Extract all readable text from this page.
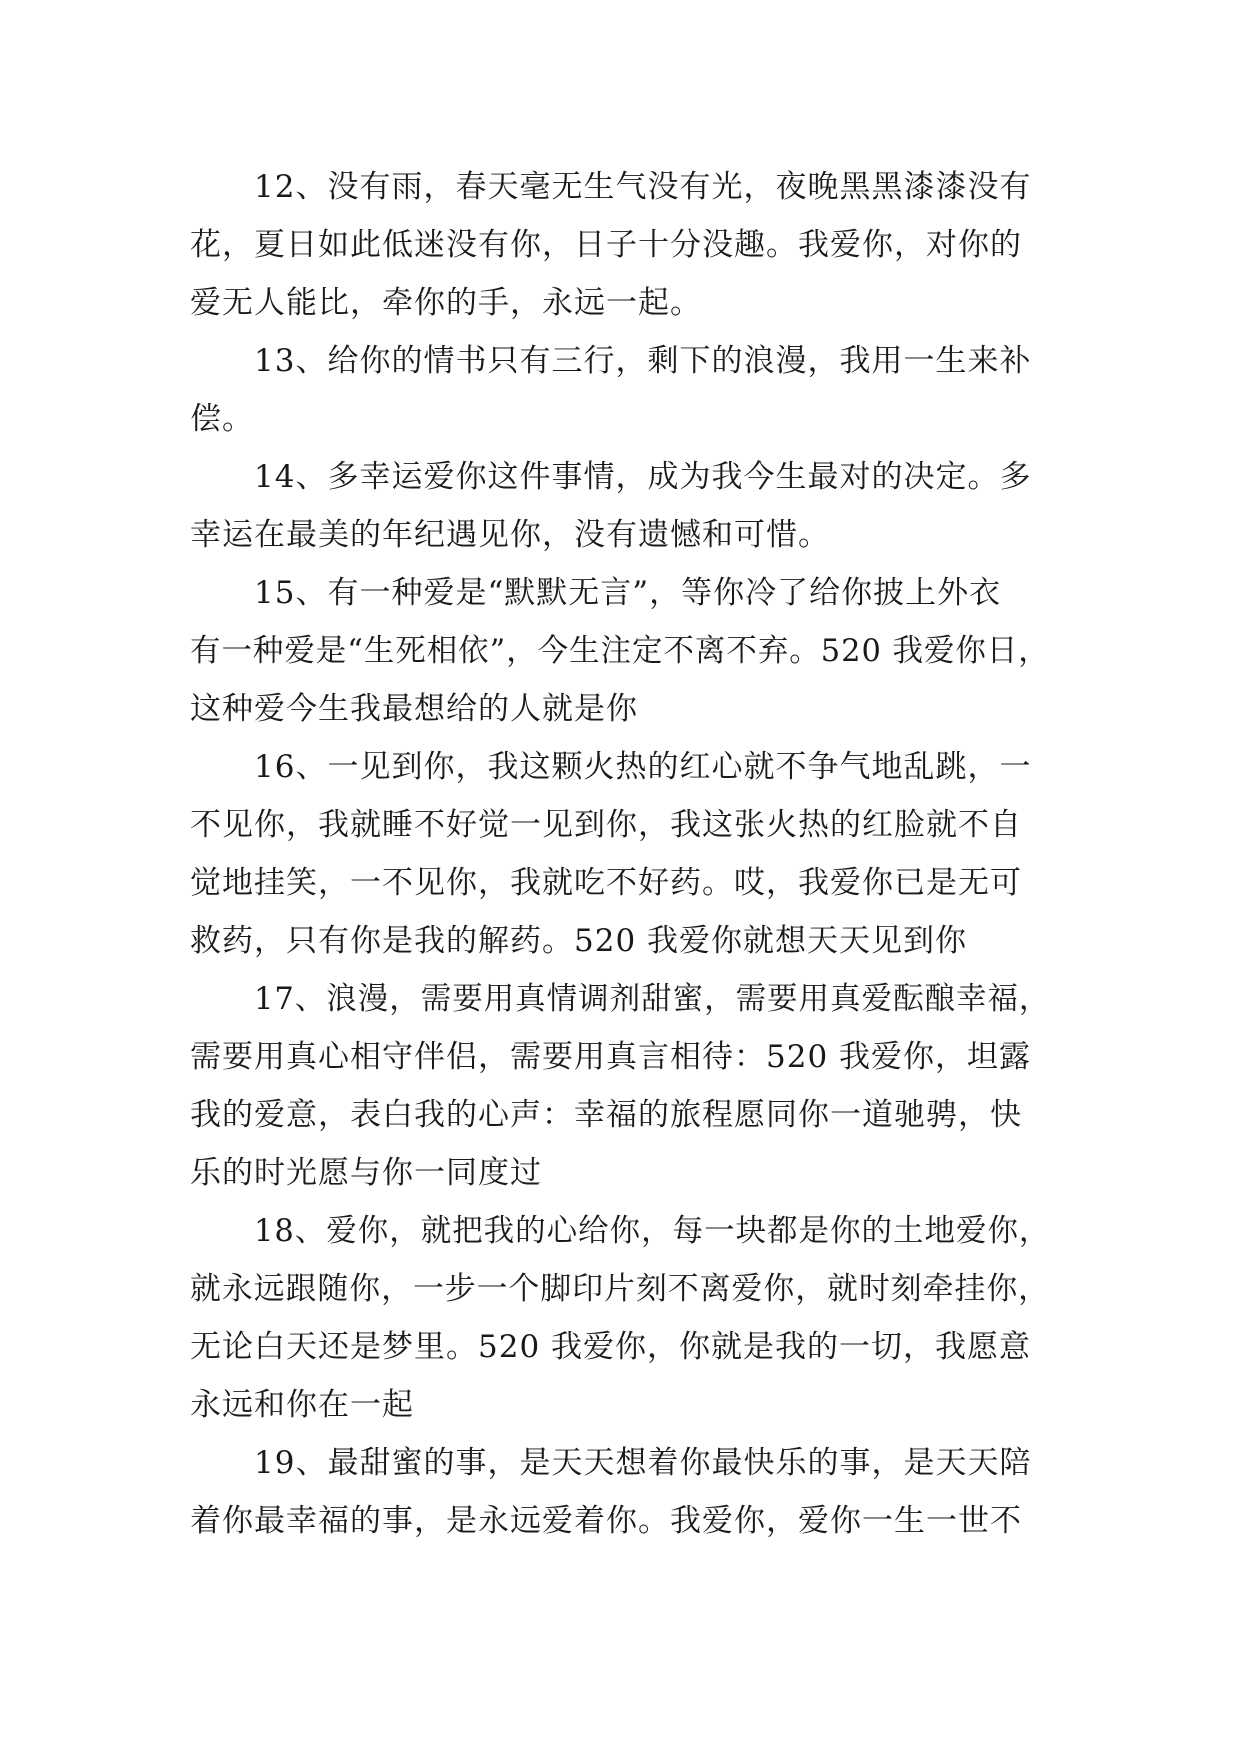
12、没有雨，春天毫无生气没有光，夜晚黑黑漆漆没有
花，夏日如此低迷没有你，日子十分没趣。我爱你，对你的
爱无人能比，牵你的手，永远一起。
13、给你的情书只有三行，剩下的浪漫，我用一生来补
偿。
14、多幸运爱你这件事情，成为我今生最对的决定。多
幸运在最美的年纪遇见你，没有遗憾和可惜。
15、有一种爱是“默默无言”，等你冷了给你披上外衣
有一种爱是“生死相依”，今生注定不离不弃。520 我爱你日，
这种爱今生我最想给的人就是你
16、一见到你，我这颗火热的红心就不争气地乱跳，一
不见你，我就睡不好觉一见到你，我这张火热的红脸就不自
觉地挂笑，一不见你，我就吃不好药。哎，我爱你已是无可
救药，只有你是我的解药。520 我爱你就想天天见到你
17、浪漫，需要用真情调剂甜蜜，需要用真爱酝酿幸福，
需要用真心相守伴侣，需要用真言相待：520 我爱你，坦露
我的爱意，表白我的心声：幸福的旅程愿同你一道驰骋，快
乐的时光愿与你一同度过
18、爱你，就把我的心给你，每一块都是你的土地爱你，
就永远跟随你，一步一个脚印片刻不离爱你，就时刻牵挂你，
无论白天还是梦里。520 我爱你，你就是我的一切，我愿意
永远和你在一起
19、最甜蜜的事，是天天想着你最快乐的事，是天天陪
着你最幸福的事，是永远爱着你。我爱你，爱你一生一世不
